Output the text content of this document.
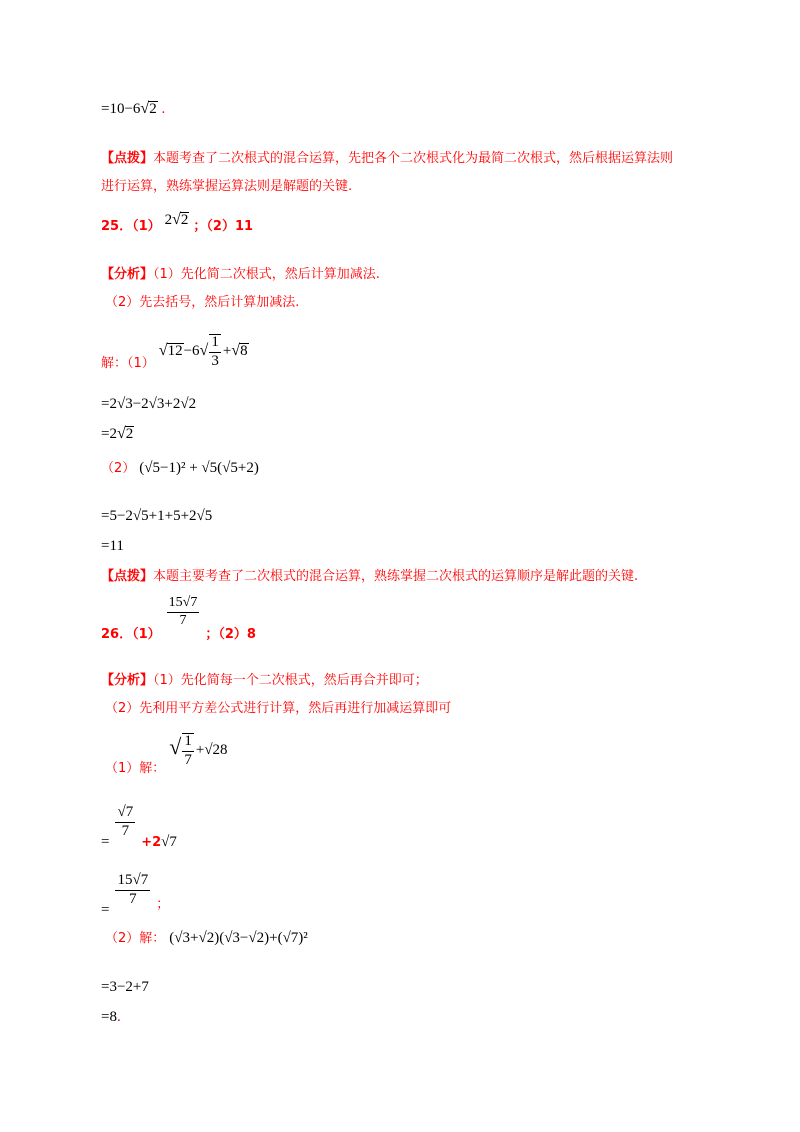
=10−6√2 .
【点拨】本题考查了二次根式的混合运算，先把各个二次根式化为最简二次根式，然后根据运算法则
进行运算，熟练掌握运算法则是解题的关键.
25．（1） 2√2 ；（2）11
【分析】（1）先化简二次根式，然后计算加减法.
（2）先去括号，然后计算加减法.
$_{解:(1)}$ $√12-6√ \frac{1}{3} +√8$
=2√3−2√3+2√2
=2√2
（2） (√5−1)² + √5(√5+2)
=5−2√5+1+5+2√5
=11
【点拨】本题主要考查了二次根式的混合运算，熟练掌握二次根式的运算顺序是解此题的关键.
$_{26.(1)}$
$\frac{15√7}{7}$
$_{;(2)8}$
【分析】（1）先化简每一个二次根式，然后再合并即可；
（2）先利用平方差公式进行计算，然后再进行加减运算即可
$_{(1)解:}$ √ $\frac{1}{7} +√28$
=
$\frac{√7}{7}$
$_{+2}$√7
=
$\frac{15√7}{7} _;$
（2）解： (√3+√2)(√3−√2)+(√7)²
=3−2+7
=8.
